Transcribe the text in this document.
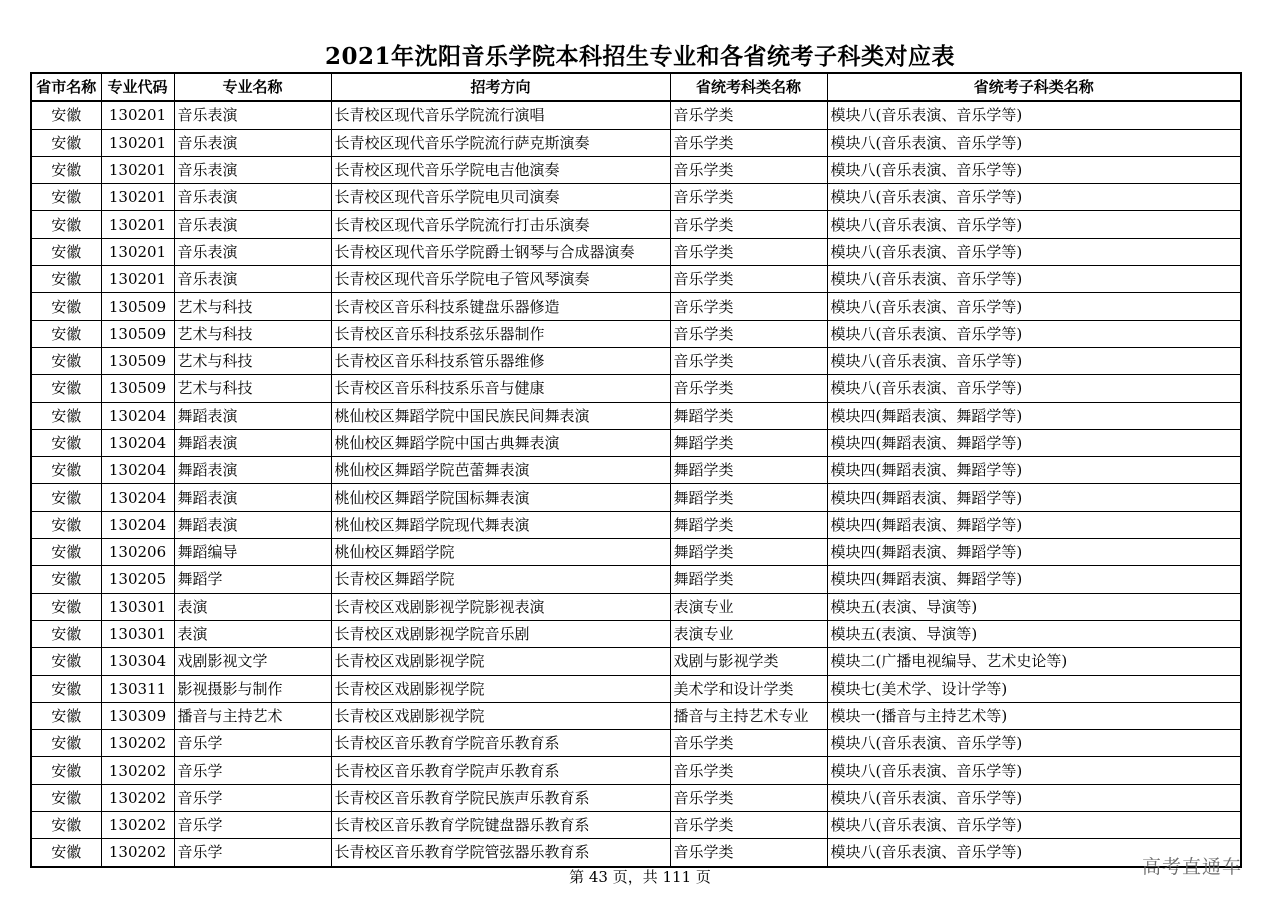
2021年沈阳音乐学院本科招生专业和各省统考子科类对应表
省市名称	专业代码	专业名称	招考方向	省统考科类名称	省统考子科类名称
安徽	130201	音乐表演	长青校区现代音乐学院流行演唱	音乐学类	模块八(音乐表演、音乐学等)
安徽	130201	音乐表演	长青校区现代音乐学院流行萨克斯演奏	音乐学类	模块八(音乐表演、音乐学等)
安徽	130201	音乐表演	长青校区现代音乐学院电吉他演奏	音乐学类	模块八(音乐表演、音乐学等)
安徽	130201	音乐表演	长青校区现代音乐学院电贝司演奏	音乐学类	模块八(音乐表演、音乐学等)
安徽	130201	音乐表演	长青校区现代音乐学院流行打击乐演奏	音乐学类	模块八(音乐表演、音乐学等)
安徽	130201	音乐表演	长青校区现代音乐学院爵士钢琴与合成器演奏	音乐学类	模块八(音乐表演、音乐学等)
安徽	130201	音乐表演	长青校区现代音乐学院电子管风琴演奏	音乐学类	模块八(音乐表演、音乐学等)
安徽	130509	艺术与科技	长青校区音乐科技系键盘乐器修造	音乐学类	模块八(音乐表演、音乐学等)
安徽	130509	艺术与科技	长青校区音乐科技系弦乐器制作	音乐学类	模块八(音乐表演、音乐学等)
安徽	130509	艺术与科技	长青校区音乐科技系管乐器维修	音乐学类	模块八(音乐表演、音乐学等)
安徽	130509	艺术与科技	长青校区音乐科技系乐音与健康	音乐学类	模块八(音乐表演、音乐学等)
安徽	130204	舞蹈表演	桃仙校区舞蹈学院中国民族民间舞表演	舞蹈学类	模块四(舞蹈表演、舞蹈学等)
安徽	130204	舞蹈表演	桃仙校区舞蹈学院中国古典舞表演	舞蹈学类	模块四(舞蹈表演、舞蹈学等)
安徽	130204	舞蹈表演	桃仙校区舞蹈学院芭蕾舞表演	舞蹈学类	模块四(舞蹈表演、舞蹈学等)
安徽	130204	舞蹈表演	桃仙校区舞蹈学院国标舞表演	舞蹈学类	模块四(舞蹈表演、舞蹈学等)
安徽	130204	舞蹈表演	桃仙校区舞蹈学院现代舞表演	舞蹈学类	模块四(舞蹈表演、舞蹈学等)
安徽	130206	舞蹈编导	桃仙校区舞蹈学院	舞蹈学类	模块四(舞蹈表演、舞蹈学等)
安徽	130205	舞蹈学	长青校区舞蹈学院	舞蹈学类	模块四(舞蹈表演、舞蹈学等)
安徽	130301	表演	长青校区戏剧影视学院影视表演	表演专业	模块五(表演、导演等)
安徽	130301	表演	长青校区戏剧影视学院音乐剧	表演专业	模块五(表演、导演等)
安徽	130304	戏剧影视文学	长青校区戏剧影视学院	戏剧与影视学类	模块二(广播电视编导、艺术史论等)
安徽	130311	影视摄影与制作	长青校区戏剧影视学院	美术学和设计学类	模块七(美术学、设计学等)
安徽	130309	播音与主持艺术	长青校区戏剧影视学院	播音与主持艺术专业	模块一(播音与主持艺术等)
安徽	130202	音乐学	长青校区音乐教育学院音乐教育系	音乐学类	模块八(音乐表演、音乐学等)
安徽	130202	音乐学	长青校区音乐教育学院声乐教育系	音乐学类	模块八(音乐表演、音乐学等)
安徽	130202	音乐学	长青校区音乐教育学院民族声乐教育系	音乐学类	模块八(音乐表演、音乐学等)
安徽	130202	音乐学	长青校区音乐教育学院键盘器乐教育系	音乐学类	模块八(音乐表演、音乐学等)
安徽	130202	音乐学	长青校区音乐教育学院管弦器乐教育系	音乐学类	模块八(音乐表演、音乐学等)
第 43 页，共 111 页	高考直通车
